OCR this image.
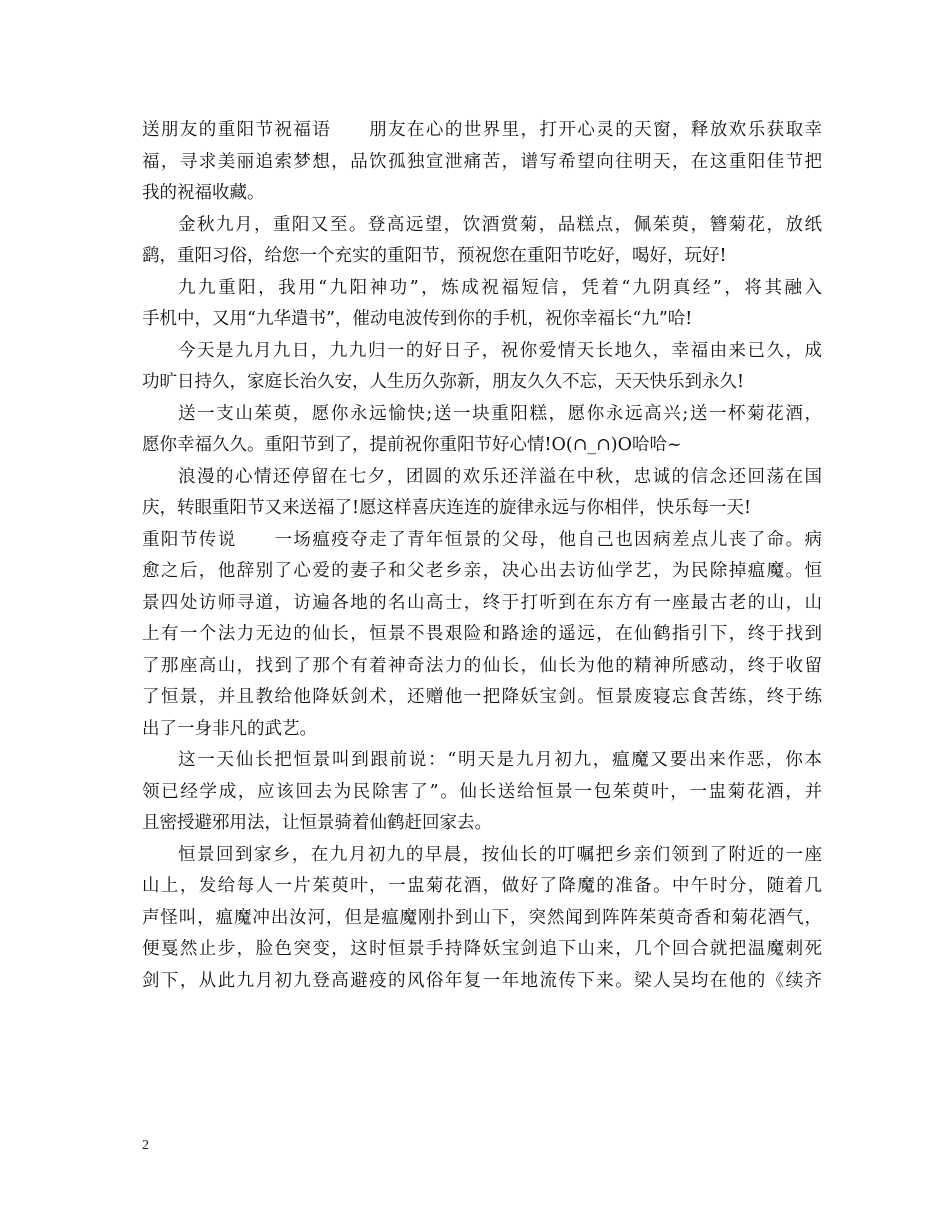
送朋友的重阳节祝福语　　朋友在心的世界里，打开心灵的天窗，释放欢乐获取幸
福，寻求美丽追索梦想，品饮孤独宣泄痛苦，谱写希望向往明天，在这重阳佳节把
我的祝福收藏。
金秋九月，重阳又至。登高远望，饮酒赏菊，品糕点，佩茱萸，簪菊花，放纸
鹞，重阳习俗，给您一个充实的重阳节，预祝您在重阳节吃好，喝好，玩好!
九九重阳，我用“九阳神功”，炼成祝福短信，凭着“九阴真经”，将其融入
手机中，又用“九华遣书”，催动电波传到你的手机，祝你幸福长“九”哈!
今天是九月九日，九九归一的好日子，祝你爱情天长地久，幸福由来已久，成
功旷日持久，家庭长治久安，人生历久弥新，朋友久久不忘，天天快乐到永久!
送一支山茱萸，愿你永远愉快;送一块重阳糕，愿你永远高兴;送一杯菊花酒，
愿你幸福久久。重阳节到了，提前祝你重阳节好心情!O(∩_∩)O哈哈~
浪漫的心情还停留在七夕，团圆的欢乐还洋溢在中秋，忠诚的信念还回荡在国
庆，转眼重阳节又来送福了!愿这样喜庆连连的旋律永远与你相伴，快乐每一天!
重阳节传说　　一场瘟疫夺走了青年恒景的父母，他自己也因病差点儿丧了命。病
愈之后，他辞别了心爱的妻子和父老乡亲，决心出去访仙学艺，为民除掉瘟魔。恒
景四处访师寻道，访遍各地的名山高士，终于打听到在东方有一座最古老的山，山
上有一个法力无边的仙长，恒景不畏艰险和路途的遥远，在仙鹤指引下，终于找到
了那座高山，找到了那个有着神奇法力的仙长，仙长为他的精神所感动，终于收留
了恒景，并且教给他降妖剑术，还赠他一把降妖宝剑。恒景废寝忘食苦练，终于练
出了一身非凡的武艺。
这一天仙长把恒景叫到跟前说：“明天是九月初九，瘟魔又要出来作恶，你本
领已经学成，应该回去为民除害了”。仙长送给恒景一包茱萸叶，一盅菊花酒，并
且密授避邪用法，让恒景骑着仙鹤赶回家去。
恒景回到家乡，在九月初九的早晨，按仙长的叮嘱把乡亲们领到了附近的一座
山上，发给每人一片茱萸叶，一盅菊花酒，做好了降魔的准备。中午时分，随着几
声怪叫，瘟魔冲出汝河，但是瘟魔刚扑到山下，突然闻到阵阵茱萸奇香和菊花酒气，
便戛然止步，脸色突变，这时恒景手持降妖宝剑追下山来，几个回合就把温魔刺死
剑下，从此九月初九登高避疫的风俗年复一年地流传下来。梁人吴均在他的《续齐
2
